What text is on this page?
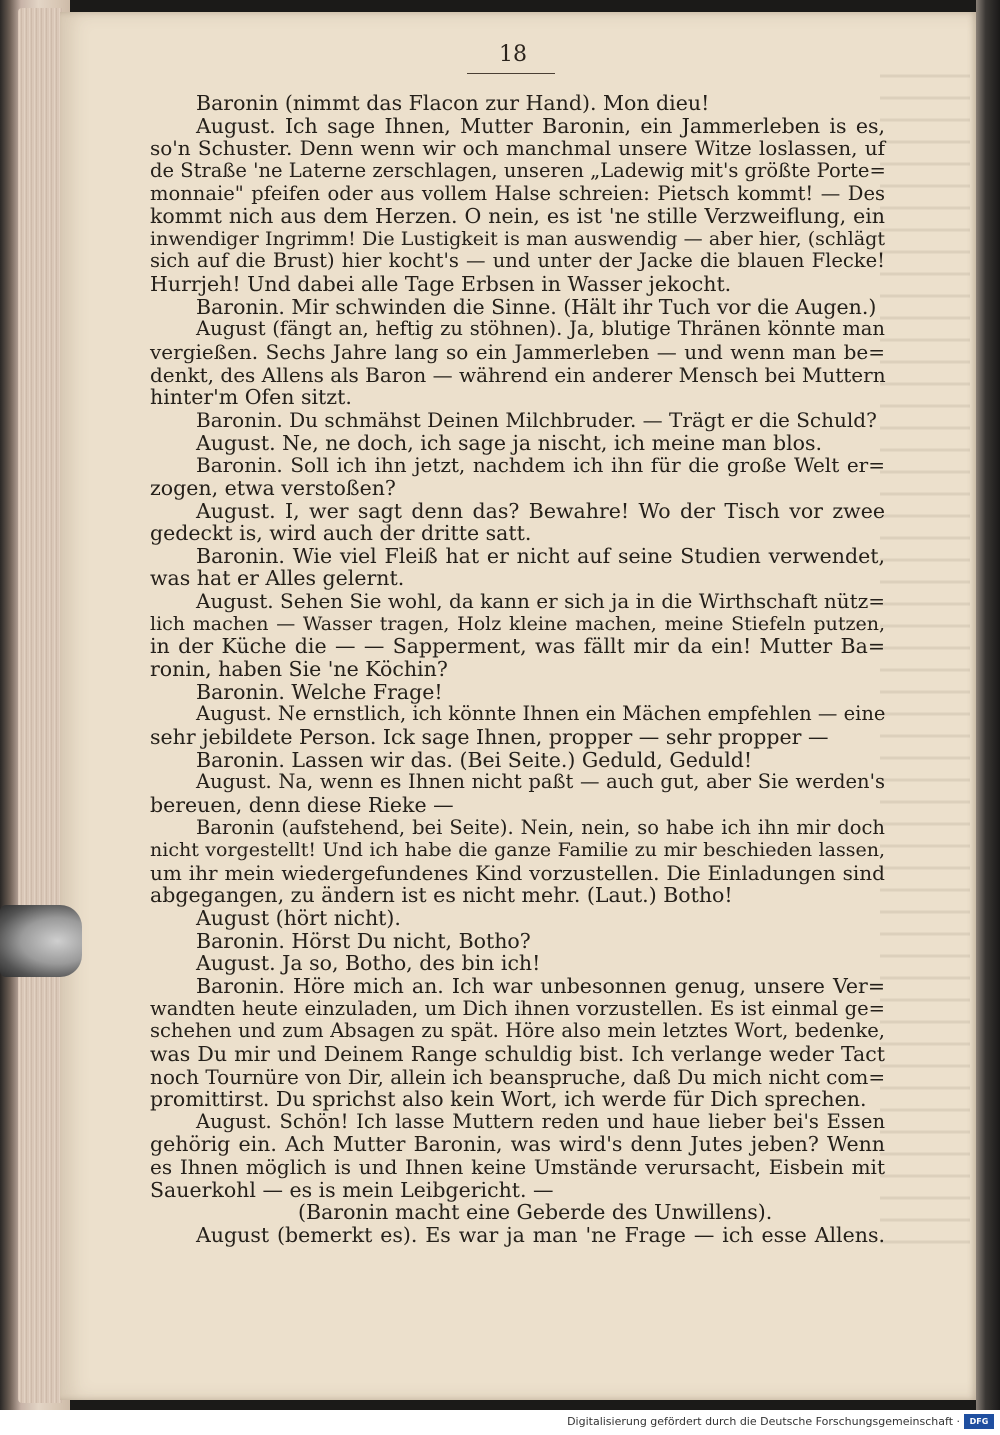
18
Baronin (nimmt das Flacon zur Hand). Mon dieu!
August. Ich sage Ihnen, Mutter Baronin, ein Jammerleben is es,
so'n Schuster. Denn wenn wir och manchmal unsere Witze loslassen, uf
de Straße 'ne Laterne zerschlagen, unseren „Ladewig mit's größte Porte=
monnaie" pfeifen oder aus vollem Halse schreien: Pietsch kommt! — Des
kommt nich aus dem Herzen. O nein, es ist 'ne stille Verzweiflung, ein
inwendiger Ingrimm! Die Lustigkeit is man auswendig — aber hier, (schlägt
sich auf die Brust) hier kocht's — und unter der Jacke die blauen Flecke!
Hurrjeh! Und dabei alle Tage Erbsen in Wasser jekocht.
Baronin. Mir schwinden die Sinne. (Hält ihr Tuch vor die Augen.)
August (fängt an, heftig zu stöhnen). Ja, blutige Thränen könnte man
vergießen. Sechs Jahre lang so ein Jammerleben — und wenn man be=
denkt, des Allens als Baron — während ein anderer Mensch bei Muttern
hinter'm Ofen sitzt.
Baronin. Du schmähst Deinen Milchbruder. — Trägt er die Schuld?
August. Ne, ne doch, ich sage ja nischt, ich meine man blos.
Baronin. Soll ich ihn jetzt, nachdem ich ihn für die große Welt er=
zogen, etwa verstoßen?
August. I, wer sagt denn das? Bewahre! Wo der Tisch vor zwee
gedeckt is, wird auch der dritte satt.
Baronin. Wie viel Fleiß hat er nicht auf seine Studien verwendet,
was hat er Alles gelernt.
August. Sehen Sie wohl, da kann er sich ja in die Wirthschaft nütz=
lich machen — Wasser tragen, Holz kleine machen, meine Stiefeln putzen,
in der Küche die — — Sapperment, was fällt mir da ein! Mutter Ba=
ronin, haben Sie 'ne Köchin?
Baronin. Welche Frage!
August. Ne ernstlich, ich könnte Ihnen ein Mächen empfehlen — eine
sehr jebildete Person. Ick sage Ihnen, propper — sehr propper —
Baronin. Lassen wir das. (Bei Seite.) Geduld, Geduld!
August. Na, wenn es Ihnen nicht paßt — auch gut, aber Sie werden's
bereuen, denn diese Rieke —
Baronin (aufstehend, bei Seite). Nein, nein, so habe ich ihn mir doch
nicht vorgestellt! Und ich habe die ganze Familie zu mir beschieden lassen,
um ihr mein wiedergefundenes Kind vorzustellen. Die Einladungen sind
abgegangen, zu ändern ist es nicht mehr. (Laut.) Botho!
August (hört nicht).
Baronin. Hörst Du nicht, Botho?
August. Ja so, Botho, des bin ich!
Baronin. Höre mich an. Ich war unbesonnen genug, unsere Ver=
wandten heute einzuladen, um Dich ihnen vorzustellen. Es ist einmal ge=
schehen und zum Absagen zu spät. Höre also mein letztes Wort, bedenke,
was Du mir und Deinem Range schuldig bist. Ich verlange weder Tact
noch Tournüre von Dir, allein ich beanspruche, daß Du mich nicht com=
promittirst. Du sprichst also kein Wort, ich werde für Dich sprechen.
August. Schön! Ich lasse Muttern reden und haue lieber bei's Essen
gehörig ein. Ach Mutter Baronin, was wird's denn Jutes jeben? Wenn
es Ihnen möglich is und Ihnen keine Umstände verursacht, Eisbein mit
Sauerkohl — es is mein Leibgericht. —
(Baronin macht eine Geberde des Unwillens).
August (bemerkt es). Es war ja man 'ne Frage — ich esse Allens.
Digitalisierung gefördert durch die Deutsche Forschungsgemeinschaft ·	DFG
